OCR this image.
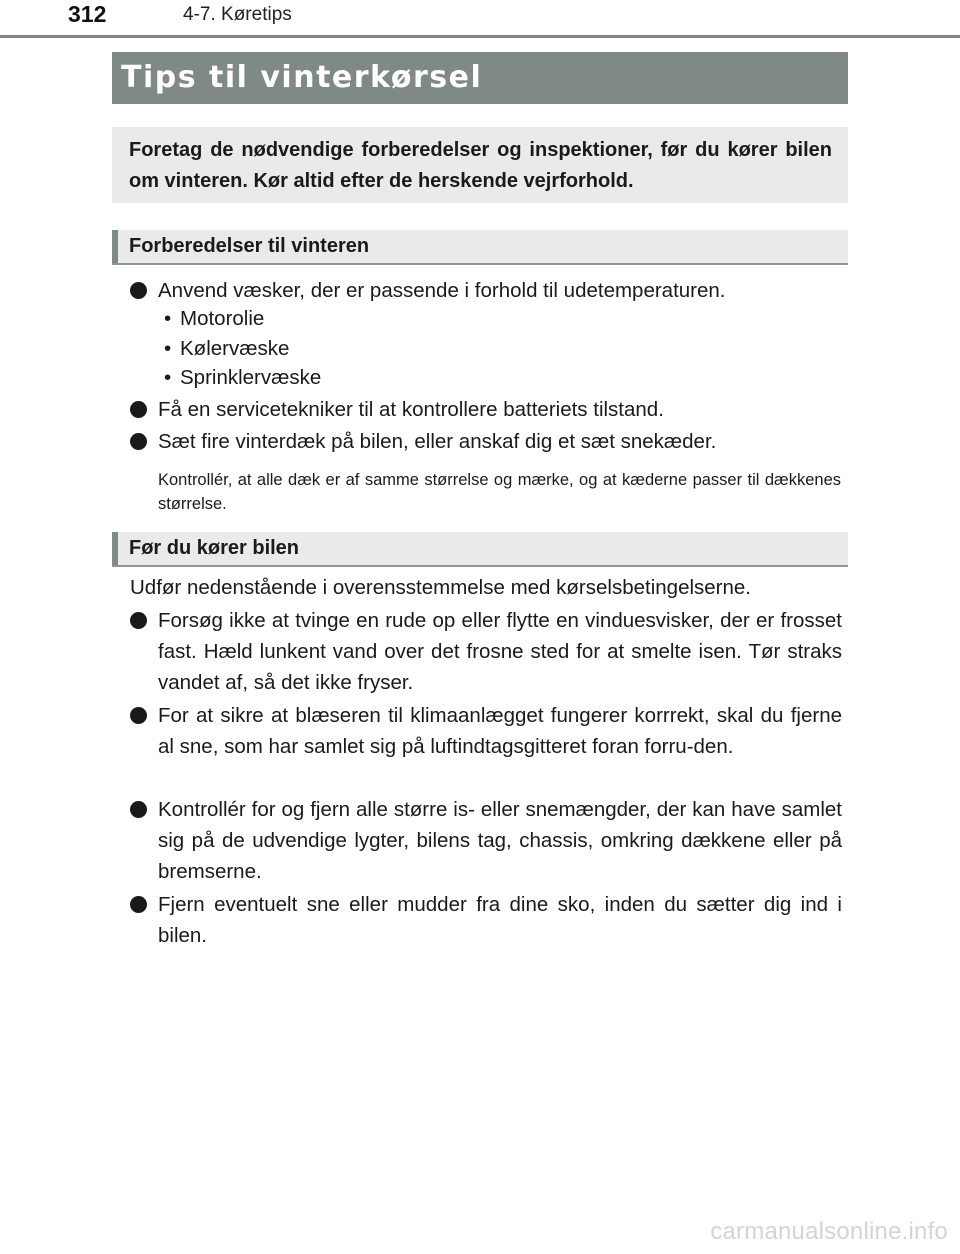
312	4-7. Køretips
Tips til vinterkørsel
Foretag de nødvendige forberedelser og inspektioner, før du kører bilen om vinteren. Kør altid efter de herskende vejrforhold.
Forberedelser til vinteren
Anvend væsker, der er passende i forhold til udetemperaturen.
• Motorolie
• Kølervæske
• Sprinklervæske
Få en servicetekniker til at kontrollere batteriets tilstand.
Sæt fire vinterdæk på bilen, eller anskaf dig et sæt snekæder.
Kontrollér, at alle dæk er af samme størrelse og mærke, og at kæderne passer til dækkenes størrelse.
Før du kører bilen
Udfør nedenstående i overensstemmelse med kørselsbetingelserne.
Forsøg ikke at tvinge en rude op eller flytte en vinduesvisker, der er frosset fast. Hæld lunkent vand over det frosne sted for at smelte isen. Tør straks vandet af, så det ikke fryser.
For at sikre at blæseren til klimaanlægget fungerer korrrekt, skal du fjerne al sne, som har samlet sig på luftindtagsgitteret foran forru-den.
Kontrollér for og fjern alle større is- eller snemængder, der kan have samlet sig på de udvendige lygter, bilens tag, chassis, omkring dækkene eller på bremserne.
Fjern eventuelt sne eller mudder fra dine sko, inden du sætter dig ind i bilen.
carmanualsonline.info
